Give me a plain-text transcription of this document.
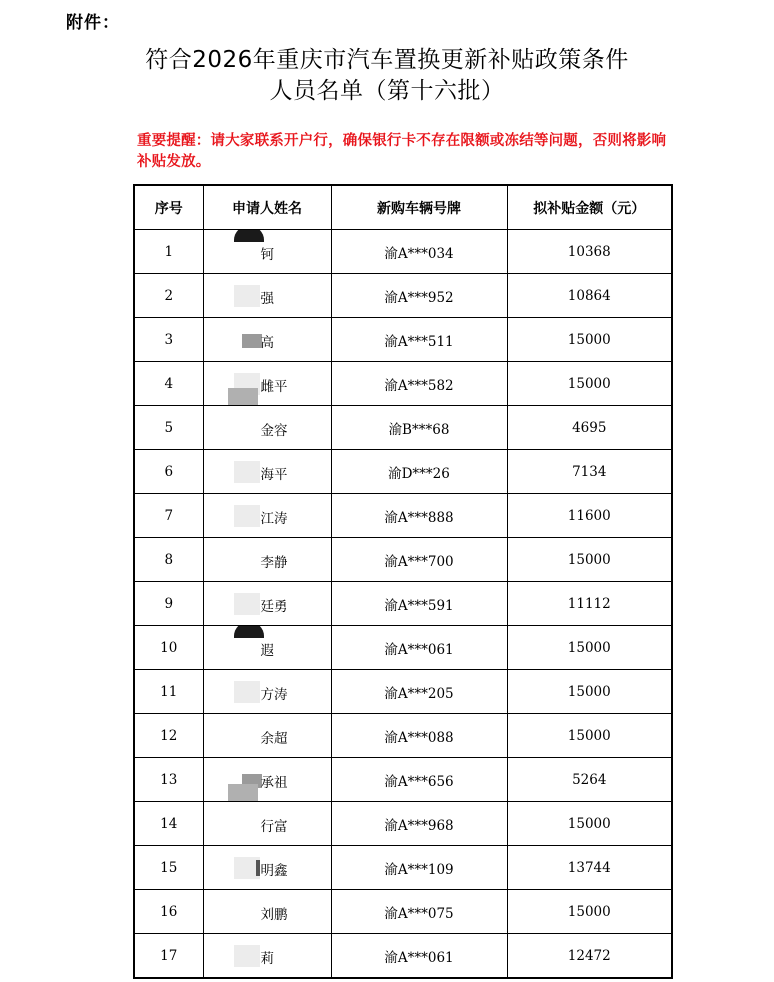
附件：
符合2026年重庆市汽车置换更新补贴政策条件
人员名单（第十六批）
重要提醒：请大家联系开户行，确保银行卡不存在限额或冻结等问题，否则将影响补贴发放。
序号	申请人姓名	新购车辆号牌	拟补贴金额（元）
1	钶	渝A***034	10368
2	强	渝A***952	10864
3	高	渝A***511	15000
4	雌平	渝A***582	15000
5	金容	渝B***68	4695
6	海平	渝D***26	7134
7	江涛	渝A***888	11600
8	李静	渝A***700	15000
9	廷勇	渝A***591	11112
10	遐	渝A***061	15000
11	方涛	渝A***205	15000
12	余超	渝A***088	15000
13	承祖	渝A***656	5264
14	行富	渝A***968	15000
15	明鑫	渝A***109	13744
16	刘鹏	渝A***075	15000
17	莉	渝A***061	12472
